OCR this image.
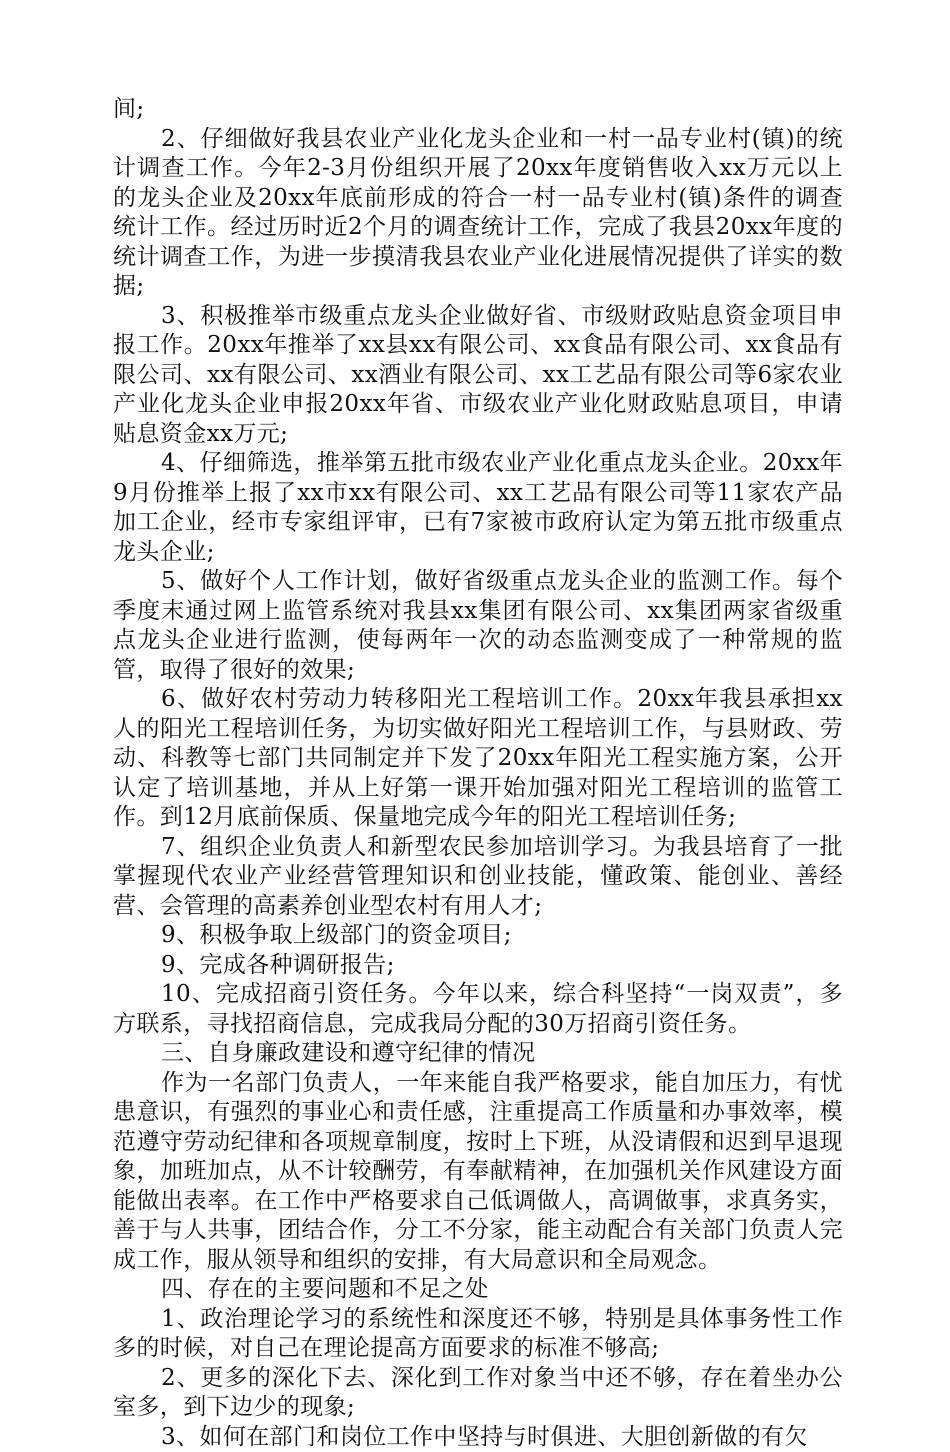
间;

2、仔细做好我县农业产业化龙头企业和一村一品专业村(镇)的统计调查工作。今年2-3月份组织开展了20xx年度销售收入xx万元以上的龙头企业及20xx年底前形成的符合一村一品专业村(镇)条件的调查统计工作。经过历时近2个月的调查统计工作，完成了我县20xx年度的统计调查工作，为进一步摸清我县农业产业化进展情况提供了详实的数据;

3、积极推举市级重点龙头企业做好省、市级财政贴息资金项目申报工作。20xx年推举了xx县xx有限公司、xx食品有限公司、xx食品有限公司、xx有限公司、xx酒业有限公司、xx工艺品有限公司等6家农业产业化龙头企业申报20xx年省、市级农业产业化财政贴息项目，申请贴息资金xx万元;

4、仔细筛选，推举第五批市级农业产业化重点龙头企业。20xx年9月份推举上报了xx市xx有限公司、xx工艺品有限公司等11家农产品加工企业，经市专家组评审，已有7家被市政府认定为第五批市级重点龙头企业;

5、做好个人工作计划，做好省级重点龙头企业的监测工作。每个季度末通过网上监管系统对我县xx集团有限公司、xx集团两家省级重点龙头企业进行监测，使每两年一次的动态监测变成了一种常规的监管，取得了很好的效果;

6、做好农村劳动力转移阳光工程培训工作。20xx年我县承担xx人的阳光工程培训任务，为切实做好阳光工程培训工作，与县财政、劳动、科教等七部门共同制定并下发了20xx年阳光工程实施方案，公开认定了培训基地，并从上好第一课开始加强对阳光工程培训的监管工作。到12月底前保质、保量地完成今年的阳光工程培训任务;

7、组织企业负责人和新型农民参加培训学习。为我县培育了一批掌握现代农业产业经营管理知识和创业技能，懂政策、能创业、善经营、会管理的高素养创业型农村有用人才;

9、积极争取上级部门的资金项目;

9、完成各种调研报告;

10、完成招商引资任务。今年以来，综合科坚持“一岗双责”，多方联系，寻找招商信息，完成我局分配的30万招商引资任务。

三、自身廉政建设和遵守纪律的情况

作为一名部门负责人，一年来能自我严格要求，能自加压力，有忧患意识，有强烈的事业心和责任感，注重提高工作质量和办事效率，模范遵守劳动纪律和各项规章制度，按时上下班，从没请假和迟到早退现象，加班加点，从不计较酬劳，有奉献精神，在加强机关作风建设方面能做出表率。在工作中严格要求自己低调做人，高调做事，求真务实，善于与人共事，团结合作，分工不分家，能主动配合有关部门负责人完成工作，服从领导和组织的安排，有大局意识和全局观念。

四、存在的主要问题和不足之处

1、政治理论学习的系统性和深度还不够，特别是具体事务性工作多的时候，对自己在理论提高方面要求的标准不够高;

2、更多的深化下去、深化到工作对象当中还不够，存在着坐办公室多，到下边少的现象;

3、如何在部门和岗位工作中坚持与时俱进、大胆创新做的有欠
